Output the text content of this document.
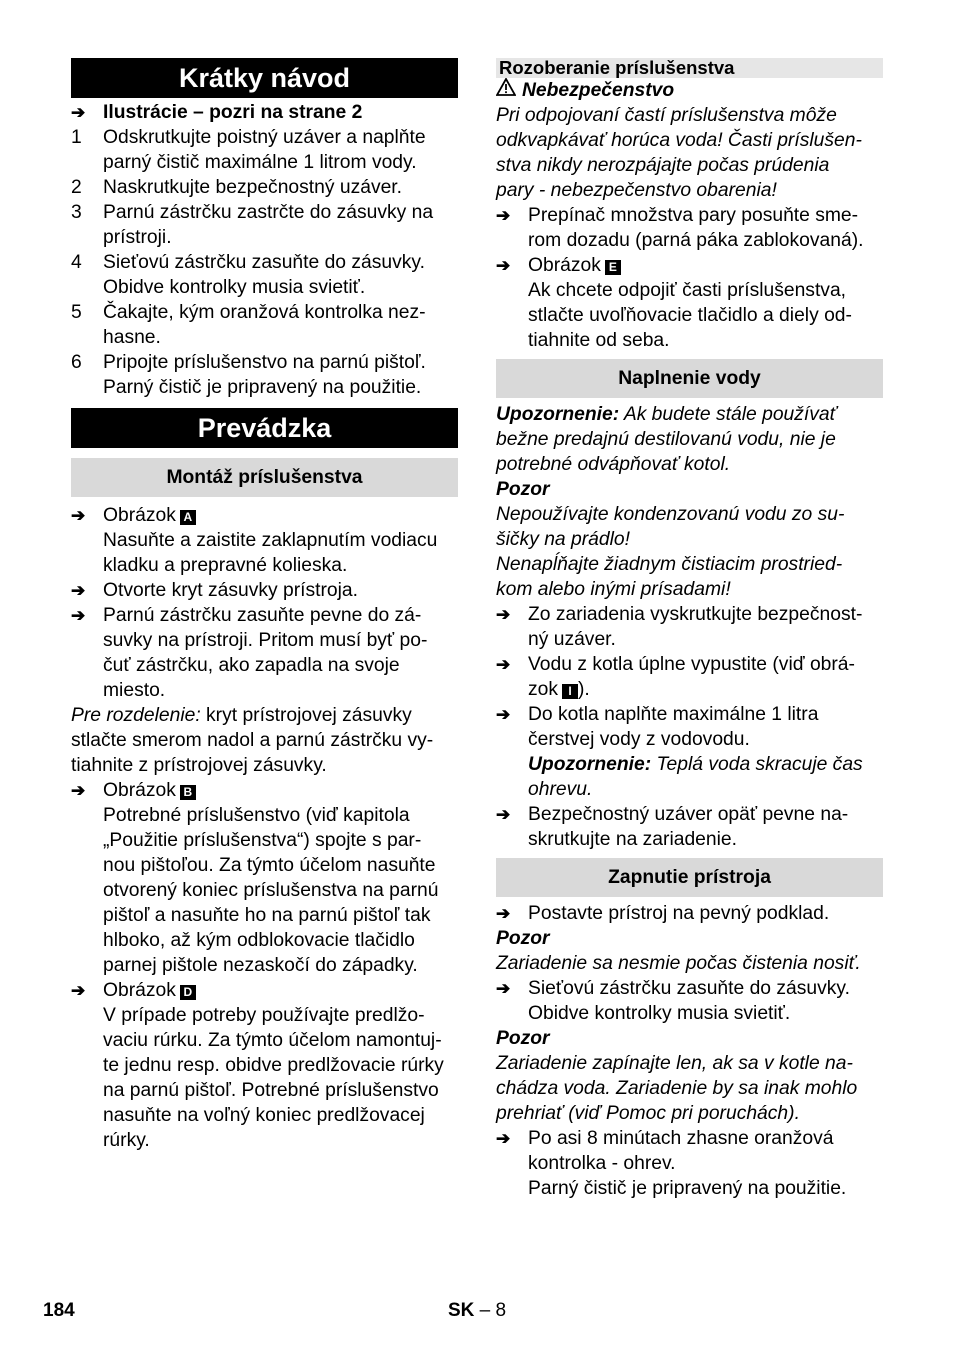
Krátky návod
➔ Ilustrácie – pozri na strane 2
1 Odskrutkujte poistný uzáver a naplňte
parný čistič maximálne 1 litrom vody.
2 Naskrutkujte bezpečnostný uzáver.
3 Parnú zástrčku zastrčte do zásuvky na
prístroji.
4 Sieťovú zástrčku zasuňte do zásuvky.
Obidve kontrolky musia svietiť.
5 Čakajte, kým oranžová kontrolka nez-
hasne.
6 Pripojte príslušenstvo na parnú pištoľ.
Parný čistič je pripravený na použitie.
Prevádzka
Montáž príslušenstva
➔ Obrázok A
Nasuňte a zaistite zaklapnutím vodiacu
kladku a prepravné kolieska.
➔ Otvorte kryt zásuvky prístroja.
➔ Parnú zástrčku zasuňte pevne do zá-
suvky na prístroji. Pritom musí byť po-
čuť zástrčku, ako zapadla na svoje
miesto.
Pre rozdelenie: kryt prístrojovej zásuvky
stlačte smerom nadol a parnú zástrčku vy-
tiahnite z prístrojovej zásuvky.
➔ Obrázok B
Potrebné príslušenstvo (viď kapitola
„Použitie príslušenstva“) spojte s par-
nou pištoľou. Za týmto účelom nasuňte
otvorený koniec príslušenstva na parnú
pištoľ a nasuňte ho na parnú pištoľ tak
hlboko, až kým odblokovacie tlačidlo
parnej pištole nezaskočí do západky.
➔ Obrázok D
V prípade potreby používajte predlžo-
vaciu rúrku. Za týmto účelom namontuj-
te jednu resp. obidve predlžovacie rúrky
na parnú pištoľ. Potrebné príslušenstvo
nasuňte na voľný koniec predlžovacej
rúrky.
Rozoberanie príslušenstva
Nebezpečenstvo
Pri odpojovaní častí príslušenstva môže
odkvapkávať horúca voda! Časti príslušen-
stva nikdy nerozpájajte počas prúdenia
pary - nebezpečenstvo obarenia!
➔ Prepínač množstva pary posuňte sme-
rom dozadu (parná páka zablokovaná).
➔ Obrázok E
Ak chcete odpojiť časti príslušenstva,
stlačte uvoľňovacie tlačidlo a diely od-
tiahnite od seba.
Naplnenie vody
Upozornenie: Ak budete stále používať
bežne predajnú destilovanú vodu, nie je
potrebné odvápňovať kotol.
Pozor
Nepoužívajte kondenzovanú vodu zo su-
šičky na prádlo!
Nenapĺňajte žiadnym čistiacim prostried-
kom alebo inými prísadami!
➔ Zo zariadenia vyskrutkujte bezpečnost-
ný uzáver.
➔ Vodu z kotla úplne vypustite (viď obrá-
zok I ).
➔ Do kotla naplňte maximálne 1 litra
čerstvej vody z vodovodu.
Upozornenie: Teplá voda skracuje čas
ohrevu.
➔ Bezpečnostný uzáver opäť pevne na-
skrutkujte na zariadenie.
Zapnutie prístroja
➔ Postavte prístroj na pevný podklad.
Pozor
Zariadenie sa nesmie počas čistenia nosiť.
➔ Sieťovú zástrčku zasuňte do zásuvky.
Obidve kontrolky musia svietiť.
Pozor
Zariadenie zapínajte len, ak sa v kotle na-
chádza voda. Zariadenie by sa inak mohlo
prehriať (viď Pomoc pri poruchách).
➔ Po asi 8 minútach zhasne oranžová
kontrolka - ohrev.
Parný čistič je pripravený na použitie.
184	SK – 8
